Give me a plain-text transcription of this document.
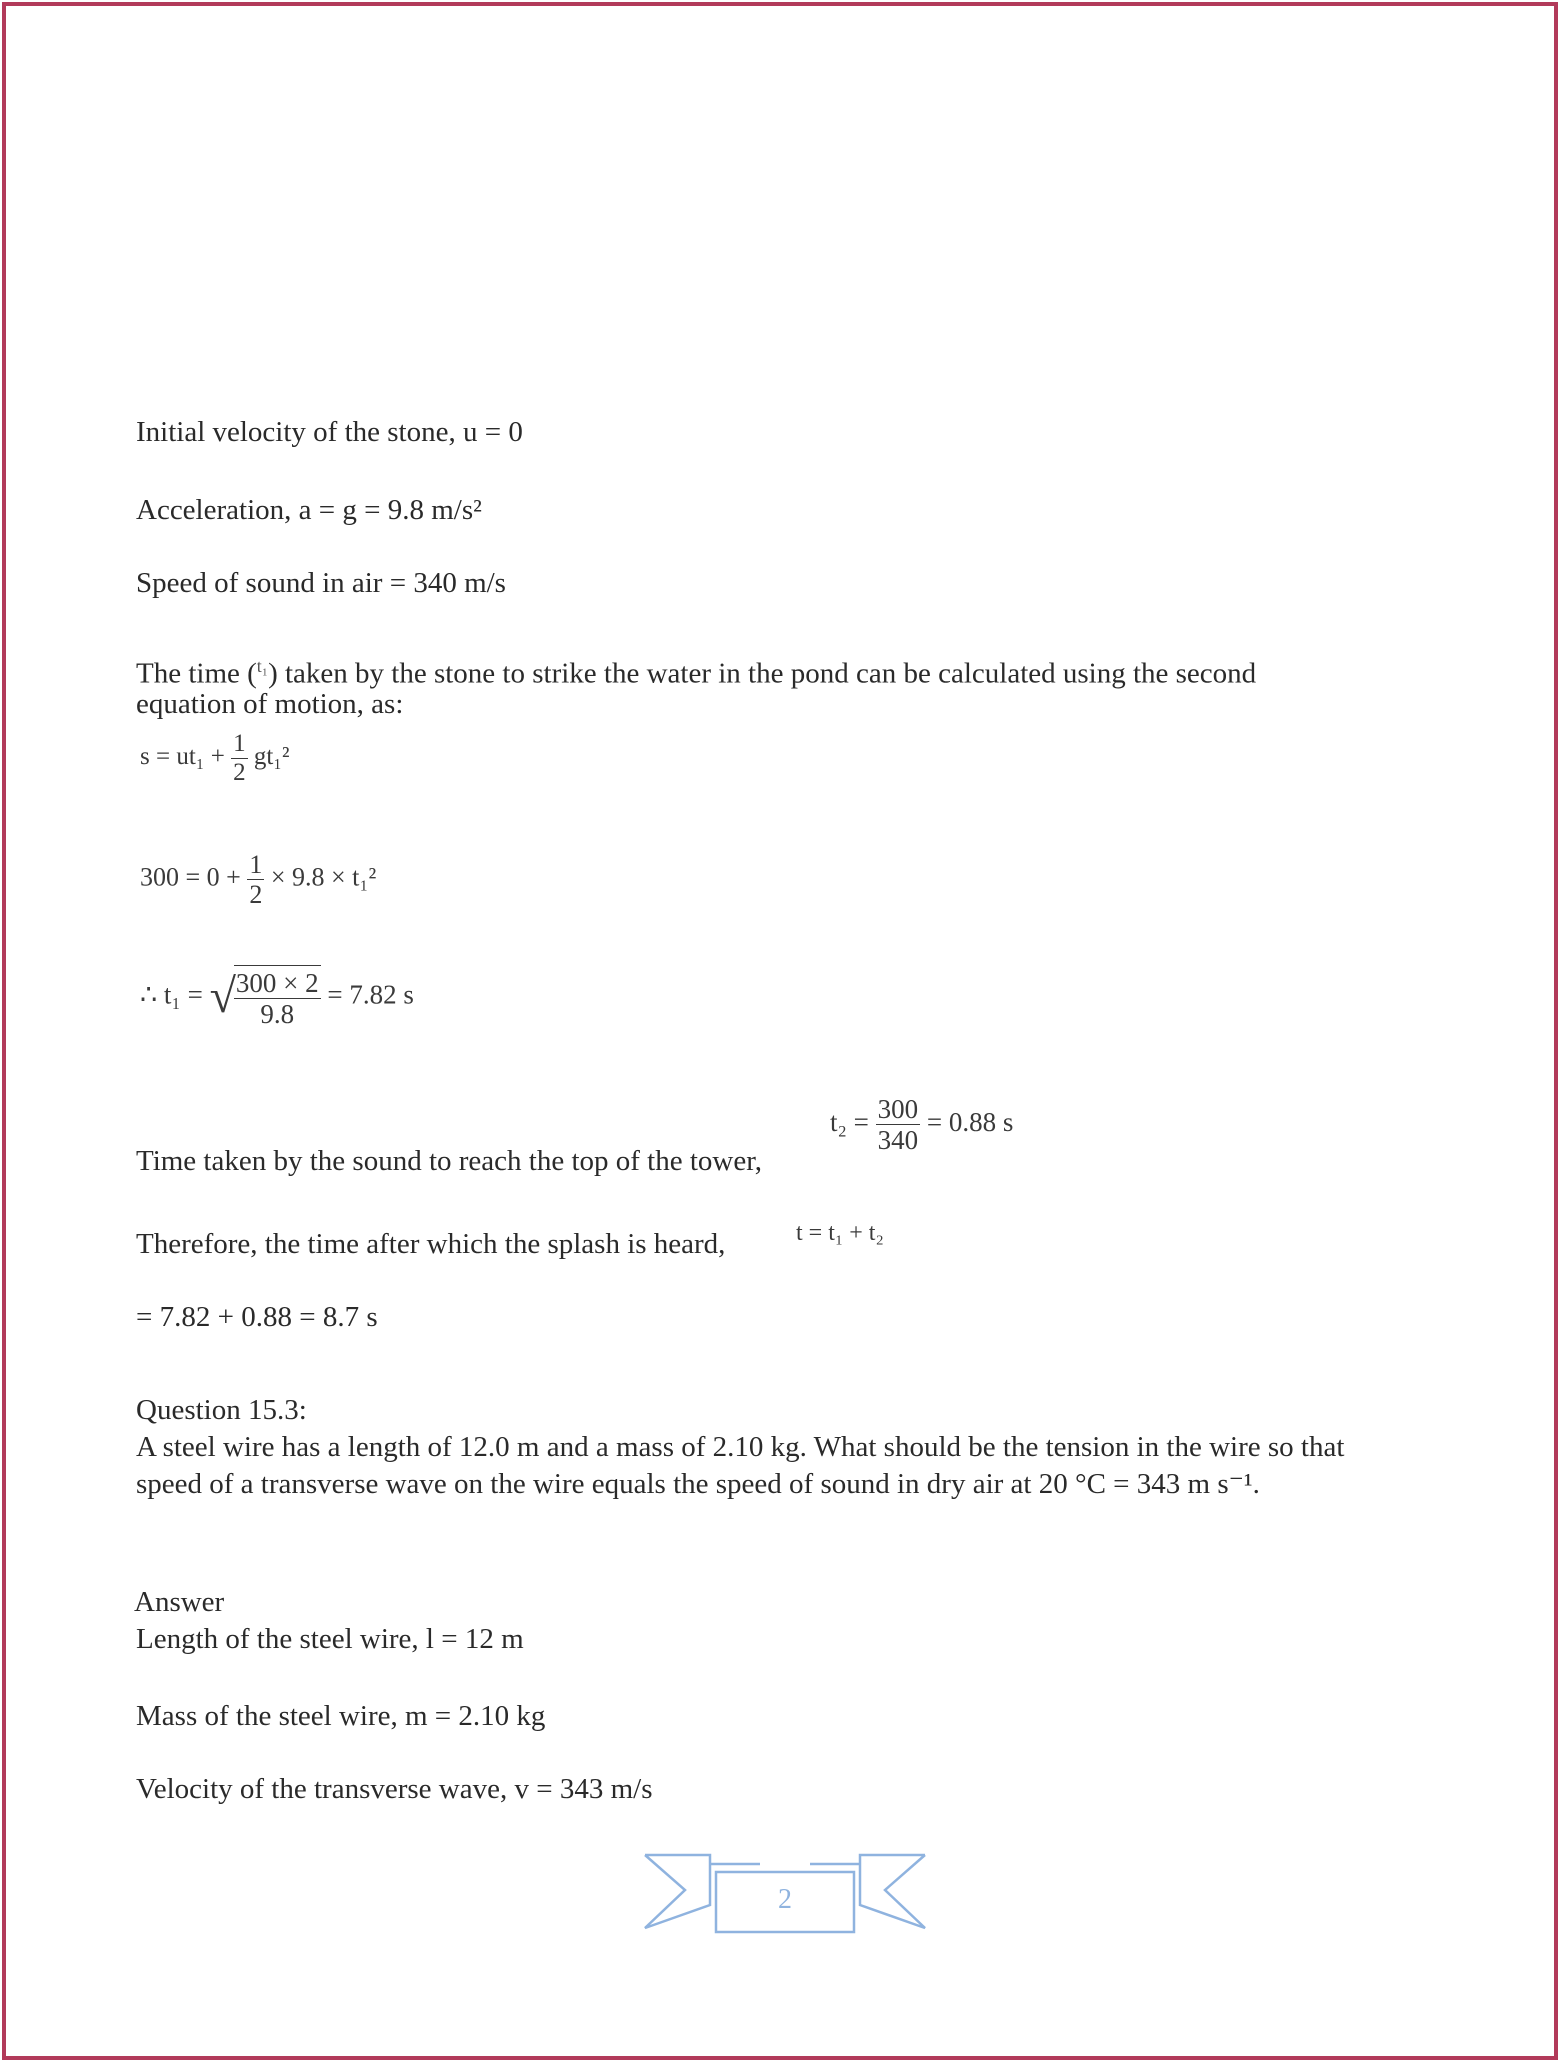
Initial velocity of the stone, u = 0
Acceleration, a = g = 9.8 m/s²
Speed of sound in air = 340 m/s
The time ($^{t_1}$) taken by the stone to strike the water in the pond can be calculated using the second
equation of motion, as:
$s = ut_1 + \frac{1}{2} gt_1^2$
$300 = 0 + \frac{1}{2} \times 9.8 \times t_1^2$
∴ t₁ = √
$\frac{300 \times 2}{9.8} = 7.82$ s
Time taken by the sound to reach the top of the tower,
$t_2 = \frac{300}{340} = 0.88$ s
Therefore, the time after which the splash is heard,	t = t₁ + t₂
= 7.82 + 0.88 = 8.7 s
Question 15.3:
A steel wire has a length of 12.0 m and a mass of 2.10 kg. What should be the tension in the wire so that speed of a transverse wave on the wire equals the speed of sound in dry air at 20 °C = 343 m s⁻¹.
Answer
Length of the steel wire, l = 12 m
Mass of the steel wire, m = 2.10 kg
Velocity of the transverse wave, v = 343 m/s
2
